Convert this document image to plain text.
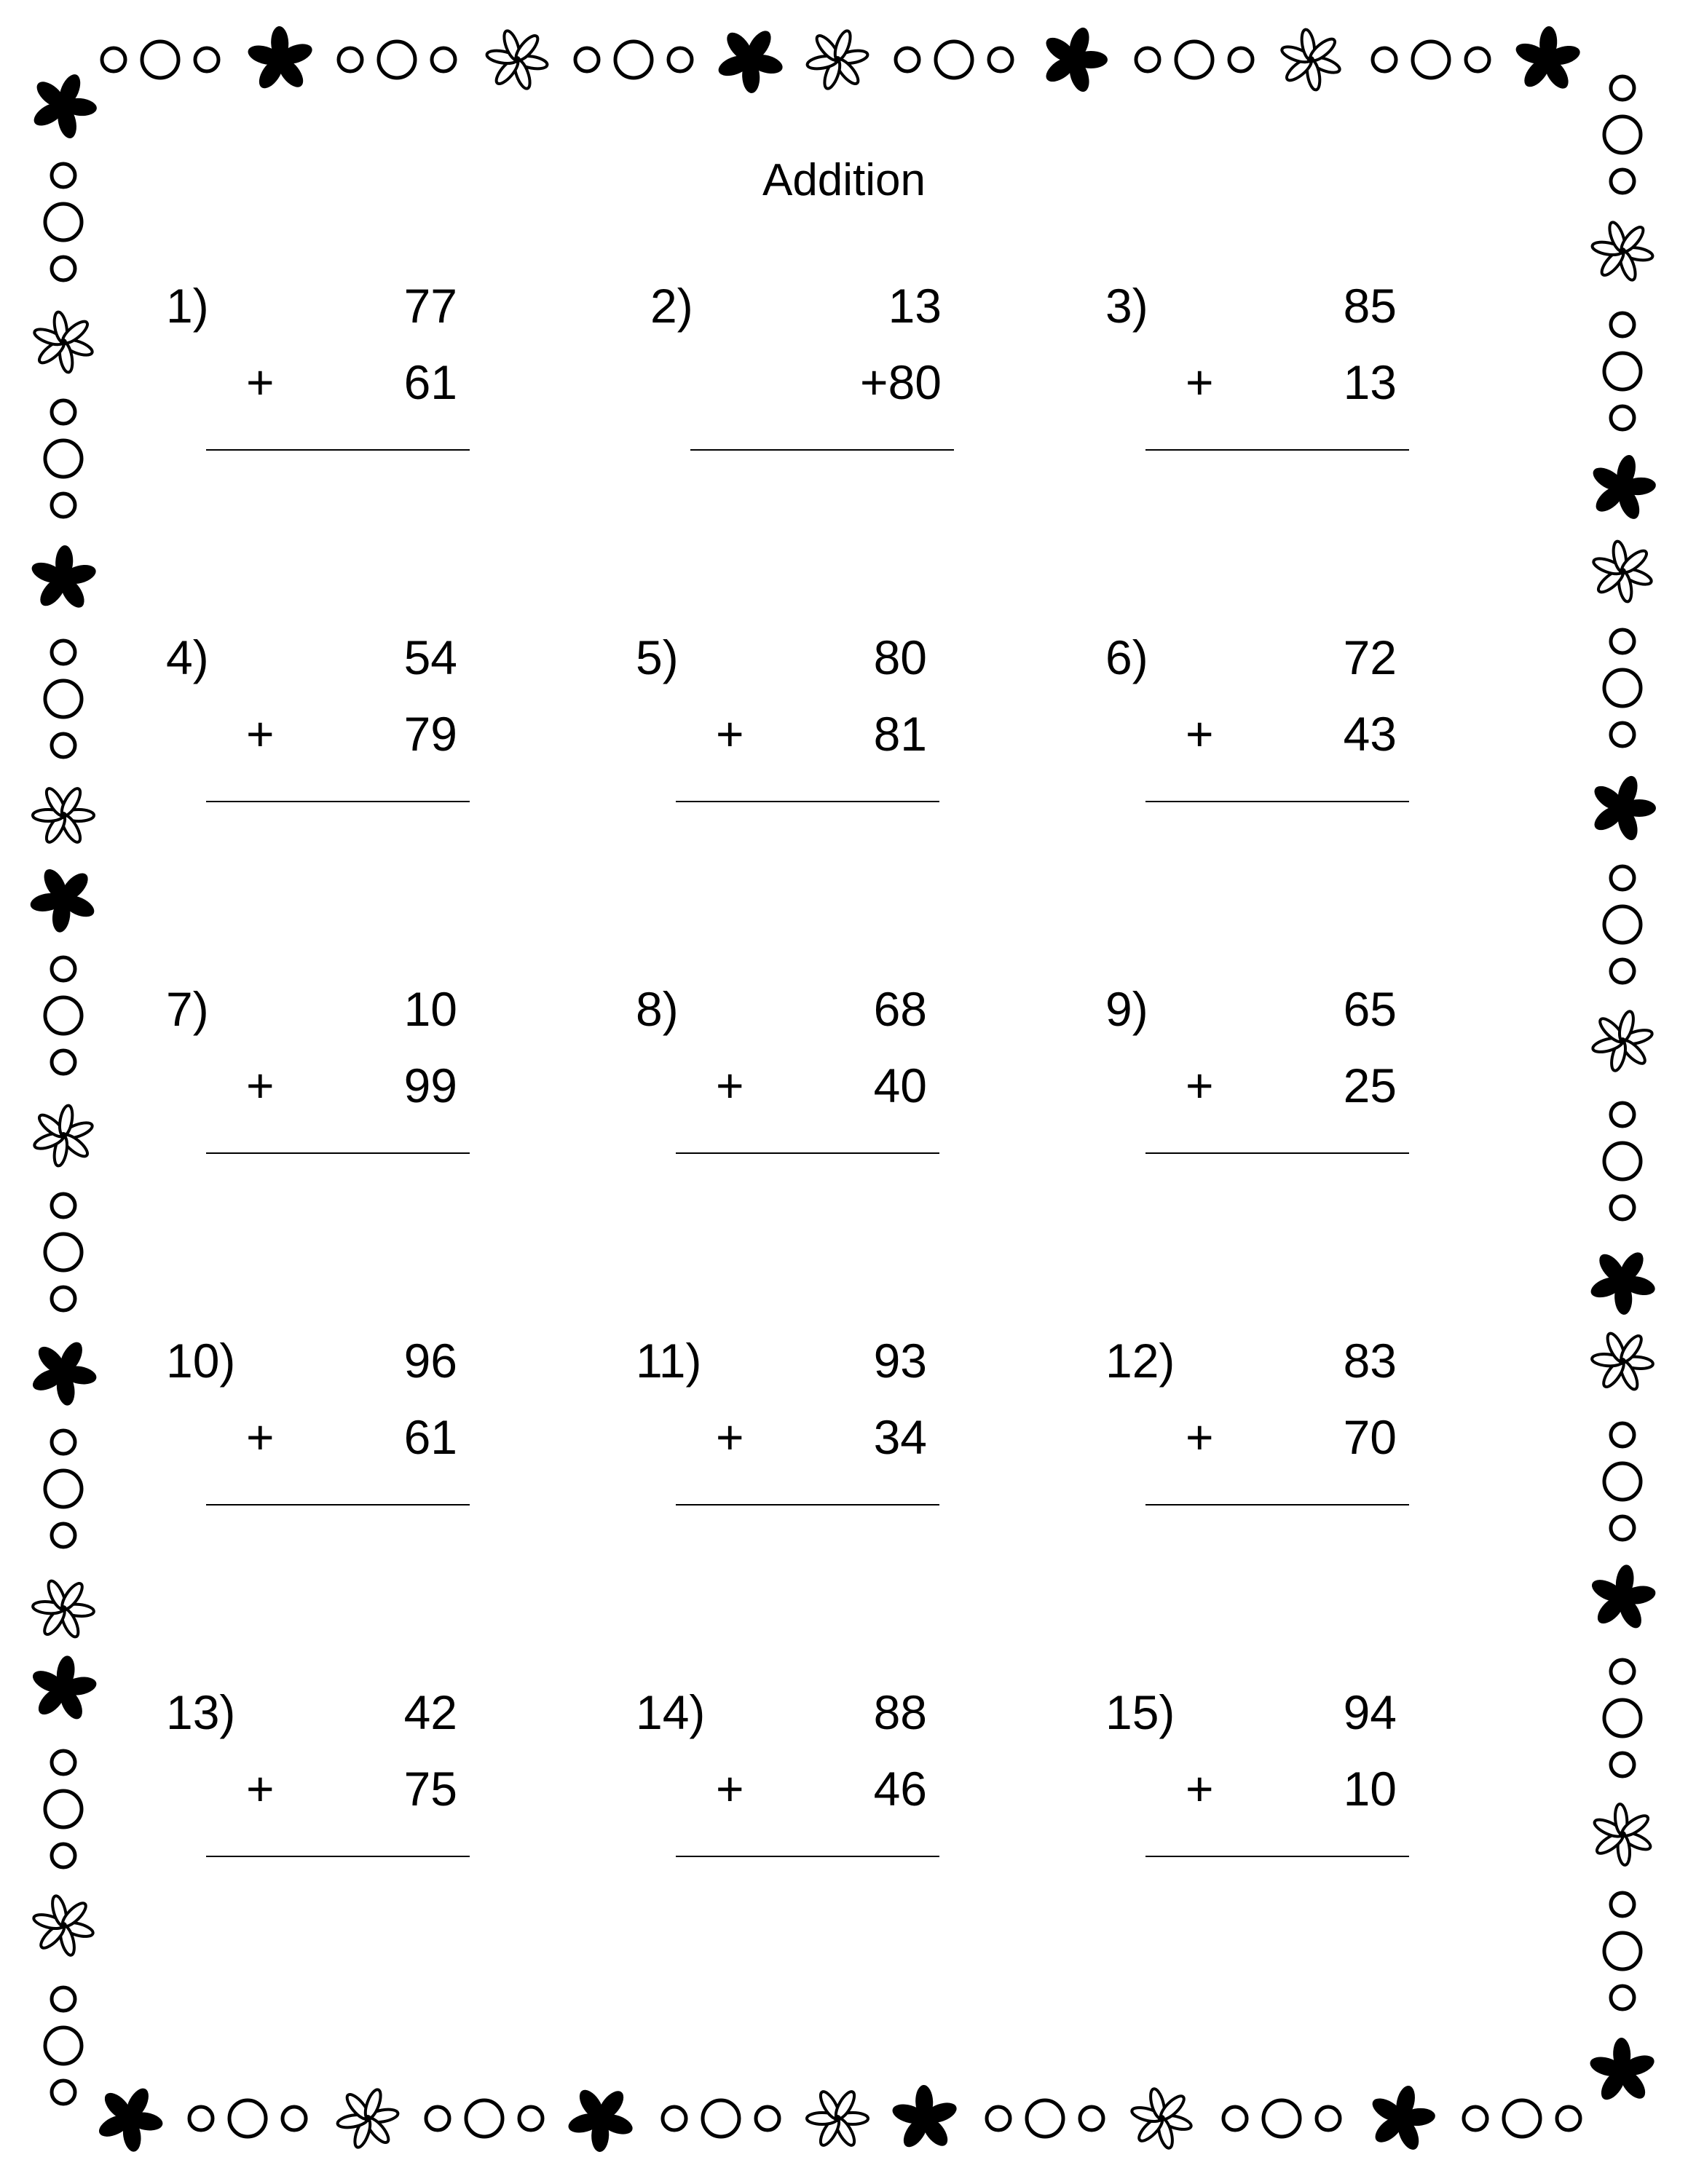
Addition
1)	77
+	61
2)	13
+80
3)	85
+	13
4)	54
+	79
5)	80
+	81
6)	72
+	43
7)	10
+	99
8)	68
+	40
9)	65
+	25
10)	96
+	61
11)	93
+	34
12)	83
+	70
13)	42
+	75
14)	88
+	46
15)	94
+	10
